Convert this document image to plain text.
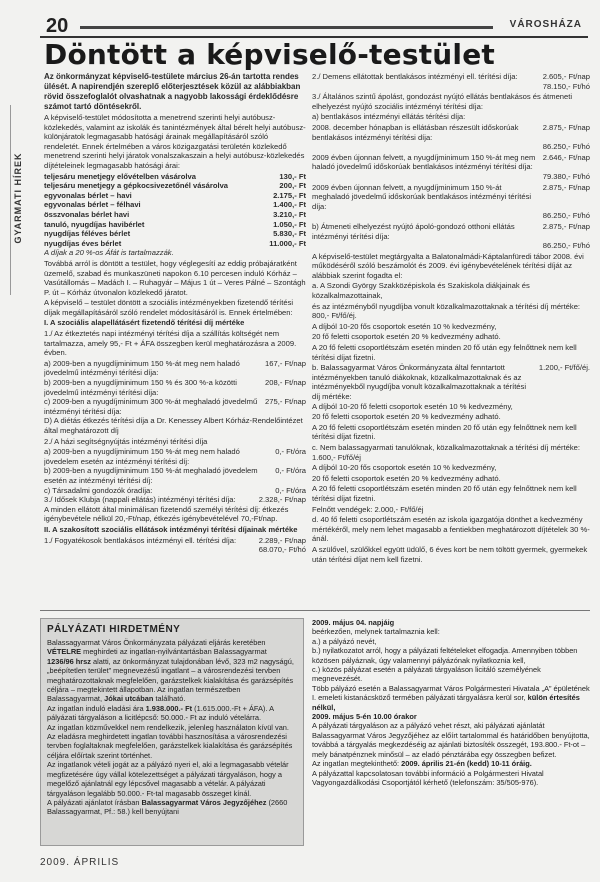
20	VÁROSHÁZA
Döntött a képviselő-testület
GYARMATI HÍREK

Az önkormányzat képviselő-testülete március 26-án tartotta rendes ülését. A napirendjén szereplő előterjesztések közül az alábbiakban rövid összefoglalót olvashatnak a nagyobb lakossági érdeklődésre számot tartó döntésekről.

A képviselő-testület módosította a menetrend szerinti helyi autóbusz-közlekedés, valamint az iskolák és tanintézmények által bérelt helyi autóbusz-különjáratok legmagasabb hatósági árainak megállapításáról szóló rendeletét. Ennek értelmében a város közigazgatási területén közlekedő menetrend szerinti helyi járatok vonalszakaszain a helyi autóbusz-közlekedés díjtételeinek legmagasabb hatósági árai:

teljesáru menetjegy elővételben vásárolva	130,- Ft
teljesáru menetjegy a gépkocsivezetőnél vásárolva	200,- Ft
egyvonalas bérlet – havi	2.175,- Ft
egyvonalas bérlet – félhavi	1.400,- Ft
összvonalas bérlet havi	3.210,- Ft
tanuló, nyugdíjas havibérlet	1.050,- Ft
nyugdíjas féléves bérlet	5.830,- Ft
nyugdíjas éves bérlet	11.000,- Ft

A díjak a 20 %-os Áfát is tartalmazzák.

Továbbá arról is döntött a testület, hogy véglegesítí az eddig próbajáratként üzemelő, szabad és munkaszüneti napokon 6.10 percesen induló Kórház – Vasútállomás – Madách I. – Ruhagyár – Május 1 út – Veres Pálné – Szontágh P. út – Kórház útvonalon közlekedő járatot.

A képviselő – testület döntött a szociális intézményekben fizetendő térítési díjak megállapításáról szóló rendelet módosításáról is. Ennek értelmében:

I. A szociális alapellátásért fizetendő térítési díj mértéke

1./ Az étkeztetés napi intézményi térítési díja a szállítás költségét nem tartalmazza, amely 95,- Ft + ÁFA összegben kerül meghatározásra a 2009. évben.

a) 2009-ben a nyugdíjminimum 150 %-át meg nem haladó jövedelmű intézményi térítési díja:
167,- Ft/nap
b) 2009-ben a nyugdíjminimum 150 % és 300 %-a közötti jövedelmű intézményi térítési díja:
208,- Ft/nap
c) 2009-ben a nyugdíjminimum 300 %-át meghaladó jövedelmű intézményi térítési díja:
275,- Ft/nap

D) A diétás étkezés térítési díja a Dr. Kenessey Albert Kórház-Rendelőintézet által meghatározott díj

2./ A házi segítségnyújtás intézményi térítési díja

a) 2009-ben a nyugdíjminimum 150 %-át meg nem haladó jövedelem esetén az intézményi térítési díj:
0,- Ft/óra
b) 2009-ben a nyugdíjminimum 150 %-át meghaladó jövedelem esetén az intézményi térítési díj:
0,- Ft/óra
c) Társadalmi gondozók óradíja:	0,- Ft/óra
3./ Idősek Klubja (nappali ellátás) intézményi térítési díja:	2.328,- Ft/nap

A minden ellátott által minimálisan fizetendő személyi térítési díj: étkezés igénybevétele nélkül 20,-Ft/nap, étkezés igénybevételével 70,-Ft/nap.

II. A szakosított szociális ellátások intézményi térítési díjainak mértéke

1./ Fogyatékosok bentlakásos intézményi ell. térítési díja:	2.289,- Ft/nap

68.070,- Ft/hó

2./ Demens ellátottak bentlakásos intézményi ell. térítési díja:	2.605,- Ft/nap

78.150,- Ft/hó

3./ Általános szintű ápolást, gondozást nyújtó ellátás bentlakásos és átmeneti elhelyezést nyújtó szociális intézményi térítési díja:

a) bentlakásos intézményi ellátás térítési díja:

2008. december hónapban is ellátásban részesült időskorúak bentlakásos intézményi térítési díja:
2.875,- Ft/nap

86.250,- Ft/hó

2009 évben újonnan felvett, a nyugdíjminimum 150 %-át meg nem haladó jövedelmű időskorúak bentlakásos intézményi térítési díja:
2.646,- Ft/nap

79.380,- Ft/hó

2009 évben újonnan felvett, a nyugdíjminimum 150 %-át meghaladó jövedelmű időskorúak bentlakásos intézményi térítési díja:
2.875,- Ft/nap

86.250,- Ft/hó

b) Átmeneti elhelyezést nyújtó ápoló-gondozó otthoni ellátás intézményi térítési díja:
2.875,- Ft/nap

86.250,- Ft/hó

A képviselő-testület megtárgyalta a Balatonalmádi-Káptalanfüredi tábor 2008. évi működéséről szóló beszámolót és 2009. évi igénybevételének térítési díját az alábbiak szerint fogadta el:

a. A Szondi György Szakközépiskola és Szakiskola diákjainak és közalkalmazottainak,

és az intézményből nyugdíjba vonult közalkalmazottaknak a térítési díj mértéke: 800,- Ft/fő/éj.

A díjból 10-20 fős csoportok esetén 10 % kedvezmény,

20 fő feletti csoportok esetén 20 % kedvezmény adható.

A 20 fő feletti csoportlétszám esetén minden 20 fő után egy felnőttnek nem kell térítési díjat fizetni.

b. Balassagyarmat Város Önkormányzata által fenntartott intézményekben tanuló diákoknak, közalkalmazottaknak és az intézményekből nyugdíjba vonult közalkalmazottaknak a térítési díj mértéke:
1.200,- Ft/fő/éj.

A díjból 10-20 fő feletti csoportok esetén 10 % kedvezmény,

20 fő feletti csoportok esetén 20 % kedvezmény adható.

A 20 fő feletti csoportlétszám esetén minden 20 fő után egy felnőttnek nem kell térítési díjat fizetni.

c. Nem balassagyarmati tanulóknak, közalkalmazottaknak a térítési díj mértéke: 1.600,- Ft/fő/éj

A díjból 10-20 fős csoportok esetén 10 % kedvezmény,

20 fő feletti csoportok esetén 20 % kedvezmény adható.

A 20 fő feletti csoportlétszám esetén minden 20 fő után egy felnőttnek nem kell térítési díjat fizetni.

Felnőtt vendégek: 2.000,- Ft/fő/éj

d. 40 fő feletti csoportlétszám esetén az iskola igazgatója dönthet a kedvezmény mértékéről, mely nem lehet magasabb a fentiekben meghatározott díjtételek 30 %-ánál.

A szülővel, szülőkkel együtt üdülő, 6 éves kort be nem töltött gyermek, gyermekek után térítési díjat nem kell fizetni.

PÁLYÁZATI HIRDETMÉNY

Balassagyarmat Város Önkormányzata pályázati eljárás keretében VÉTELRE meghirdeti az ingatlan-nyilvántartásban Balassagyarmat

1236/96 hrsz alatti, az önkormányzat tulajdonában lévő, 323 m2 nagyságú, „beépítetlen terület” megnevezésű ingatlant – a városrendezési tervben meghatározottaknak megfelelően, garázstelkek kialakítása és garázsépítés céljára – megtekintett állapotban. Az ingatlan természetben Balassagyarmat, Jókai utcában található.

Az ingatlan induló eladási ára 1.938.000.- Ft (1.615.000.-Ft + ÁFA). A pályázati tárgyaláson a licitlépcső: 50.000.- Ft az induló vételárra.

Az ingatlan közművekkel nem rendelkezik, jelenleg használaton kívül van. Az eladásra meghirdetett ingatlan további hasznosítása a városrendezési tervben foglaltaknak megfelelően, garázstelkek kialakítása és garázsépítés céljára előírtak szerint történhet.

Az ingatlanok vételi jogát az a pályázó nyeri el, aki a legmagasabb vételár megfizetésére úgy vállal kötelezettséget a pályázati tárgyaláson, hogy a megelőző ajánlatnál egy lépcsővel magasabb a vételár. A pályázati tárgyaláson legalább 50.000.- Ft-tal magasabb összeget kínál.

A pályázati ajánlatot írásban Balassagyarmat Város Jegyzőjéhez (2660 Balassagyarmat, Pf.: 58.) kell benyújtani

2009. május 04. napjáig

beérkezően, melynek tartalmaznia kell:

a.) a pályázó nevét,

b.) nyilatkozatot arról, hogy a pályázati feltételeket elfogadja. Amennyiben többen közösen pályáznak, úgy valamennyi pályázónak nyilatkoznia kell,

c.) közös pályázat esetén a pályázati tárgyaláson licitáló személyének megnevezését.

Több pályázó esetén a Balassagyarmat Város Polgármesteri Hivatala „A” épületének I. emeleti kistanácsköző termében pályázati tárgyalásra kerül sor, külön értesítés nélkül,

2009. május 5-én 10.00 órakor

A pályázati tárgyaláson az a pályázó vehet részt, aki pályázati ajánlatát Balassagyarmat Város Jegyzőjéhez az előírt tartalommal és határidőben benyújtotta, továbbá a tárgyalás megkezdéséig az ajánlati biztosíték összegét, 193.800.- Ft-ot – mely bánatpénznek minősül – az eladó pénztárába egy összegben befizet.

Az ingatlan megtekinthető: 2009. április 21-én (kedd) 10-11 óráig.

A pályázattal kapcsolatosan további információ a Polgármesteri Hivatal Vagyongazdálkodási Csoportjától kérhető (telefonszám: 35/505-976).

2009. ÁPRILIS
